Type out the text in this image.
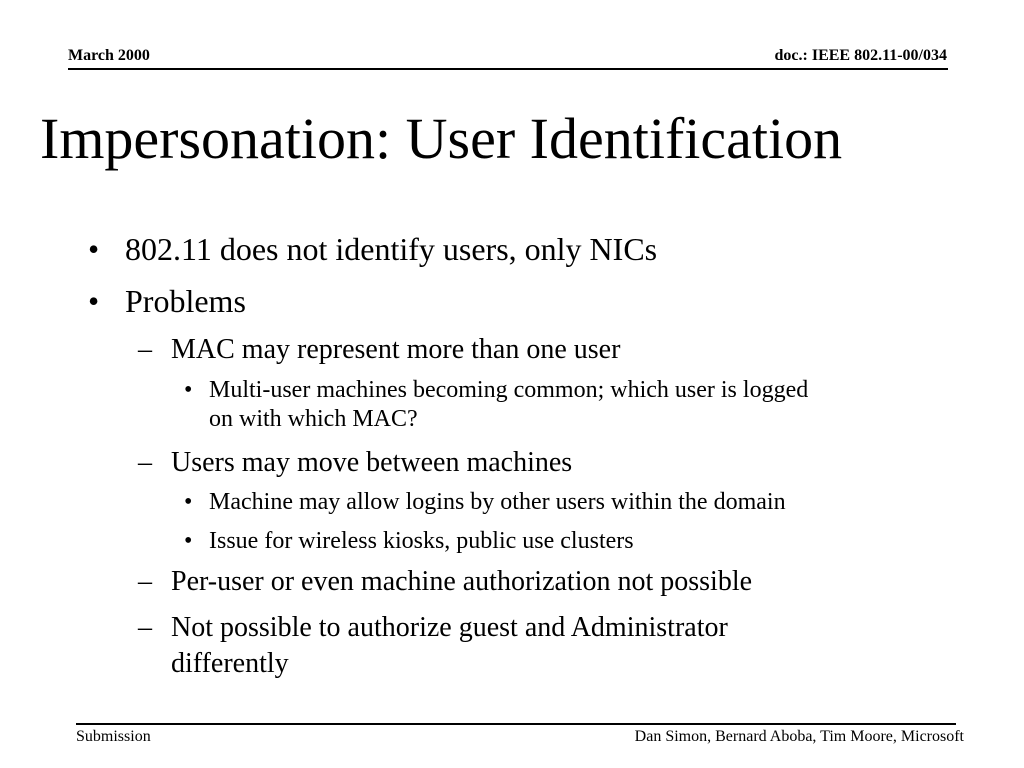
March 2000	doc.: IEEE 802.11-00/034
Impersonation: User Identification
• 802.11 does not identify users, only NICs
• Problems
– MAC may represent more than one user
• Multi-user machines becoming common; which user is logged
on with which MAC?
– Users may move between machines
• Machine may allow logins by other users within the domain
• Issue for wireless kiosks, public use clusters
– Per-user or even machine authorization not possible
– Not possible to authorize guest and Administrator
differently
Submission	Dan Simon, Bernard Aboba, Tim Moore, Microsoft
